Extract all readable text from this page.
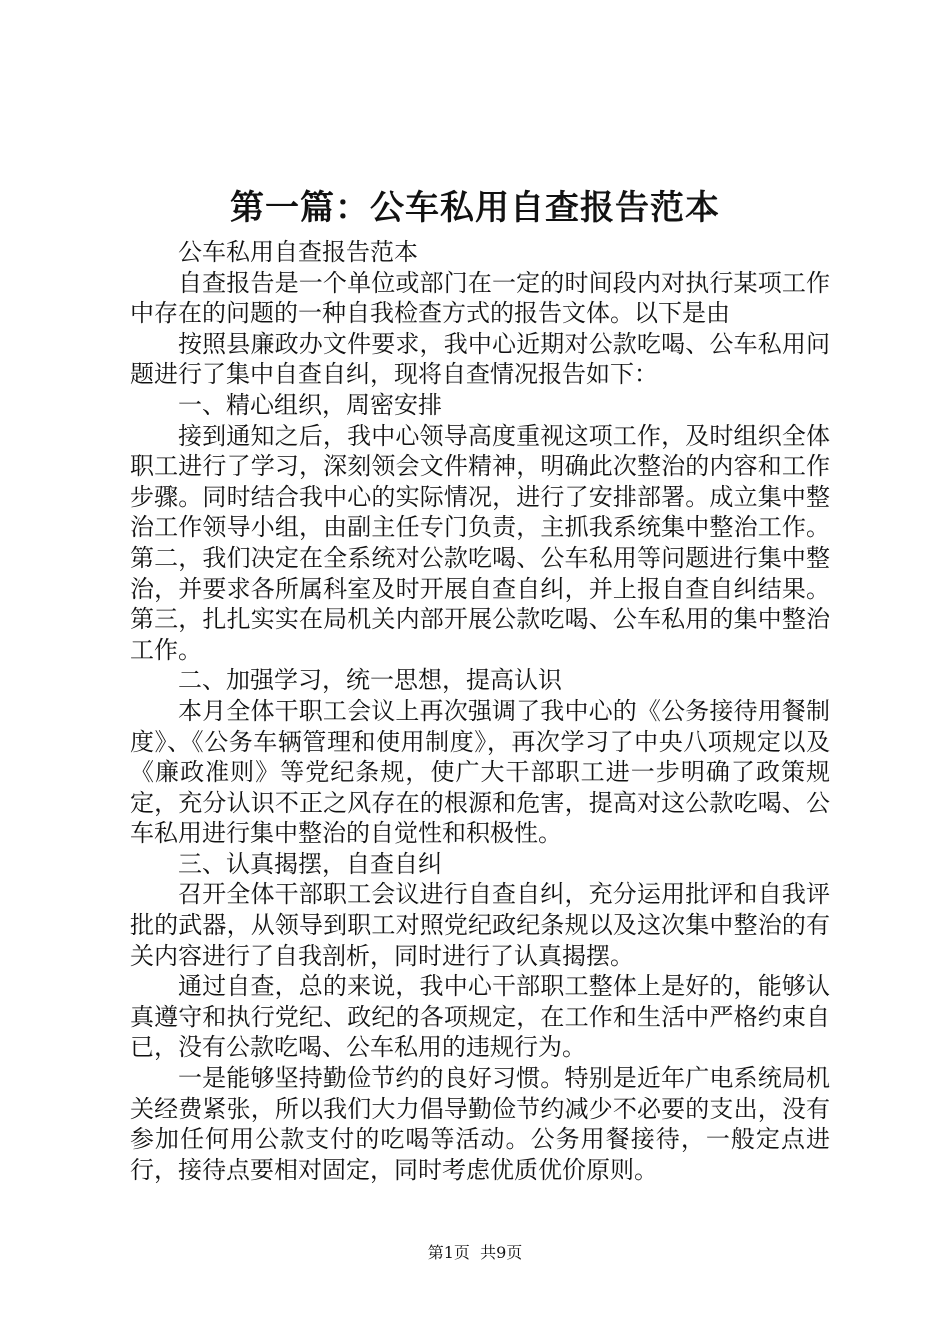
第一篇：公车私用自查报告范本

公车私用自查报告范本

自查报告是一个单位或部门在一定的时间段内对执行某项工作中存在的问题的一种自我检查方式的报告文体。以下是由

按照县廉政办文件要求，我中心近期对公款吃喝、公车私用问题进行了集中自查自纠，现将自查情况报告如下：

一、精心组织，周密安排

接到通知之后，我中心领导高度重视这项工作，及时组织全体职工进行了学习，深刻领会文件精神，明确此次整治的内容和工作步骤。同时结合我中心的实际情况，进行了安排部署。成立集中整治工作领导小组，由副主任专门负责，主抓我系统集中整治工作。第二，我们决定在全系统对公款吃喝、公车私用等问题进行集中整治，并要求各所属科室及时开展自查自纠，并上报自查自纠结果。第三，扎扎实实在局机关内部开展公款吃喝、公车私用的集中整治工作。

二、加强学习，统一思想，提高认识

本月全体干职工会议上再次强调了我中心的《公务接待用餐制度》、《公务车辆管理和使用制度》，再次学习了中央八项规定以及《廉政准则》等党纪条规，使广大干部职工进一步明确了政策规定，充分认识不正之风存在的根源和危害，提高对这公款吃喝、公车私用进行集中整治的自觉性和积极性。

三、认真揭摆，自查自纠

召开全体干部职工会议进行自查自纠，充分运用批评和自我评批的武器，从领导到职工对照党纪政纪条规以及这次集中整治的有关内容进行了自我剖析，同时进行了认真揭摆。

通过自查，总的来说，我中心干部职工整体上是好的，能够认真遵守和执行党纪、政纪的各项规定，在工作和生活中严格约束自已，没有公款吃喝、公车私用的违规行为。

一是能够坚持勤俭节约的良好习惯。特别是近年广电系统局机关经费紧张，所以我们大力倡导勤俭节约减少不必要的支出，没有参加任何用公款支付的吃喝等活动。公务用餐接待，一般定点进行，接待点要相对固定，同时考虑优质优价原则。

第1页  共9页
